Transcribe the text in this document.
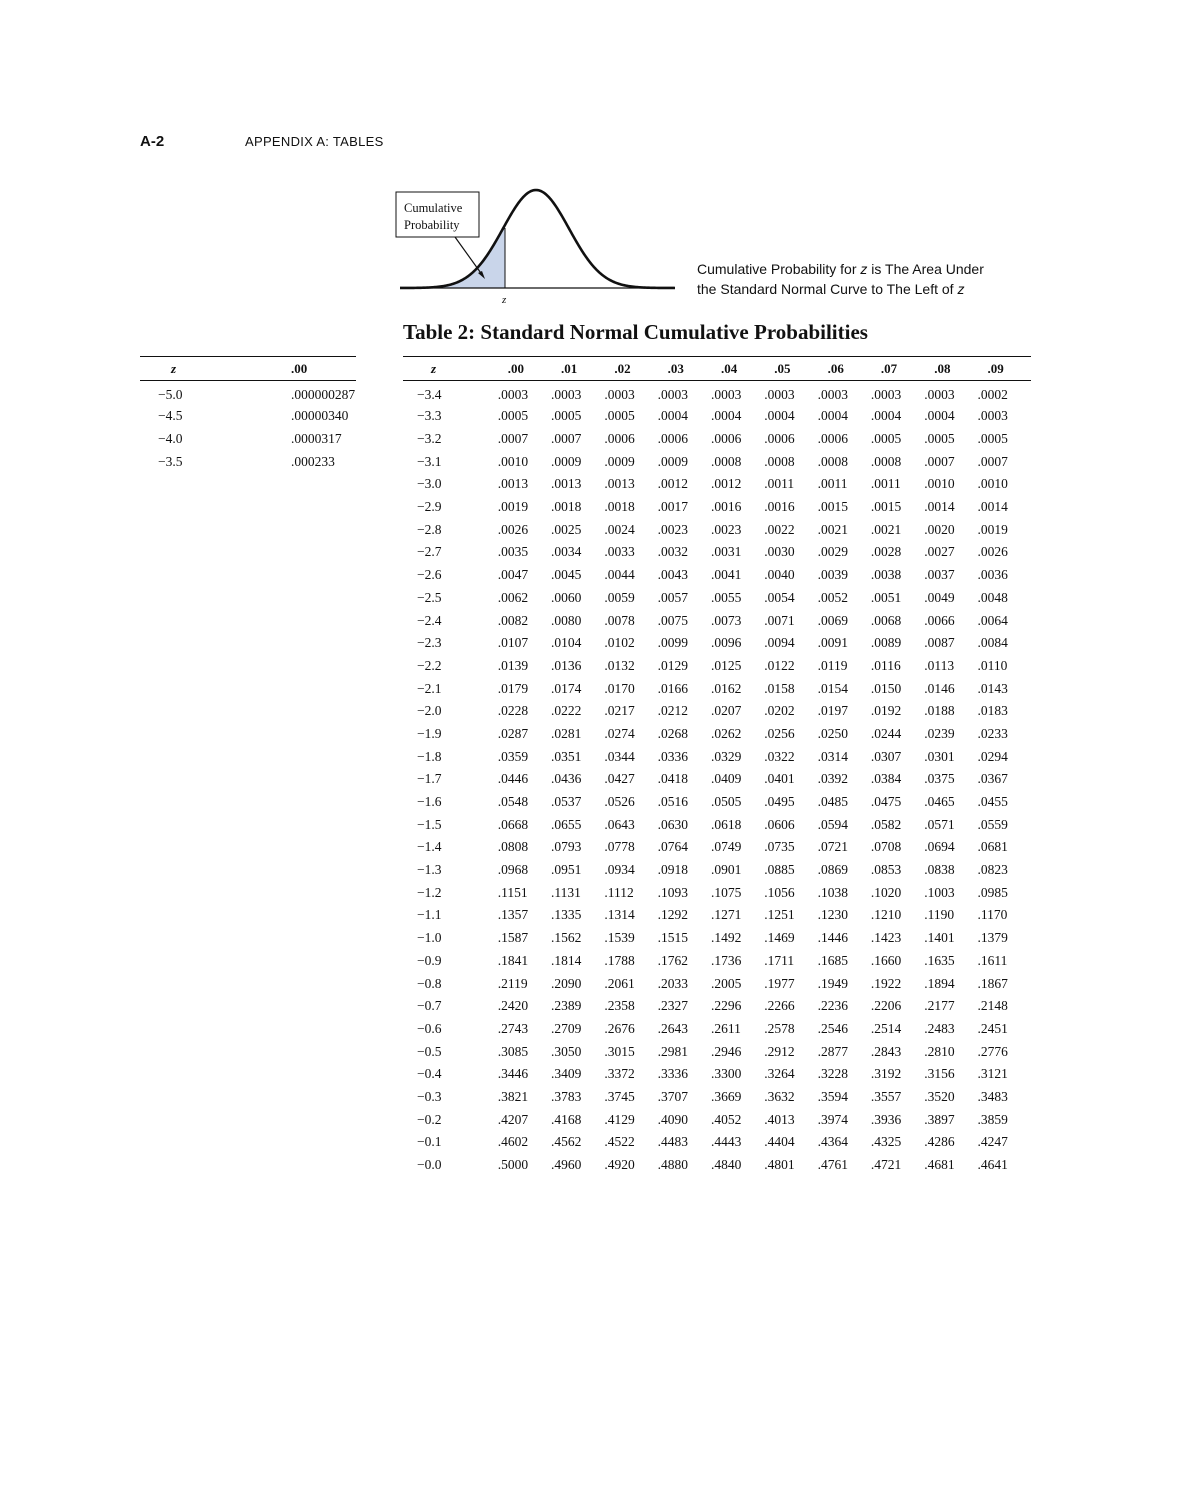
A-2	APPENDIX A: TABLES
Cumulative
Probability
z
Cumulative Probability for z is The Area Under
the Standard Normal Curve to The Left of z
Table 2: Standard Normal Cumulative Probabilities
z	.00
−5.0	.000000287
−4.5	.00000340
−4.0	.0000317
−3.5	.000233
z	.00	.01	.02	.03	.04	.05	.06	.07	.08	.09
−3.4	.0003	.0003	.0003	.0003	.0003	.0003	.0003	.0003	.0003	.0002
−3.3	.0005	.0005	.0005	.0004	.0004	.0004	.0004	.0004	.0004	.0003
−3.2	.0007	.0007	.0006	.0006	.0006	.0006	.0006	.0005	.0005	.0005
−3.1	.0010	.0009	.0009	.0009	.0008	.0008	.0008	.0008	.0007	.0007
−3.0	.0013	.0013	.0013	.0012	.0012	.0011	.0011	.0011	.0010	.0010
−2.9	.0019	.0018	.0018	.0017	.0016	.0016	.0015	.0015	.0014	.0014
−2.8	.0026	.0025	.0024	.0023	.0023	.0022	.0021	.0021	.0020	.0019
−2.7	.0035	.0034	.0033	.0032	.0031	.0030	.0029	.0028	.0027	.0026
−2.6	.0047	.0045	.0044	.0043	.0041	.0040	.0039	.0038	.0037	.0036
−2.5	.0062	.0060	.0059	.0057	.0055	.0054	.0052	.0051	.0049	.0048
−2.4	.0082	.0080	.0078	.0075	.0073	.0071	.0069	.0068	.0066	.0064
−2.3	.0107	.0104	.0102	.0099	.0096	.0094	.0091	.0089	.0087	.0084
−2.2	.0139	.0136	.0132	.0129	.0125	.0122	.0119	.0116	.0113	.0110
−2.1	.0179	.0174	.0170	.0166	.0162	.0158	.0154	.0150	.0146	.0143
−2.0	.0228	.0222	.0217	.0212	.0207	.0202	.0197	.0192	.0188	.0183
−1.9	.0287	.0281	.0274	.0268	.0262	.0256	.0250	.0244	.0239	.0233
−1.8	.0359	.0351	.0344	.0336	.0329	.0322	.0314	.0307	.0301	.0294
−1.7	.0446	.0436	.0427	.0418	.0409	.0401	.0392	.0384	.0375	.0367
−1.6	.0548	.0537	.0526	.0516	.0505	.0495	.0485	.0475	.0465	.0455
−1.5	.0668	.0655	.0643	.0630	.0618	.0606	.0594	.0582	.0571	.0559
−1.4	.0808	.0793	.0778	.0764	.0749	.0735	.0721	.0708	.0694	.0681
−1.3	.0968	.0951	.0934	.0918	.0901	.0885	.0869	.0853	.0838	.0823
−1.2	.1151	.1131	.1112	.1093	.1075	.1056	.1038	.1020	.1003	.0985
−1.1	.1357	.1335	.1314	.1292	.1271	.1251	.1230	.1210	.1190	.1170
−1.0	.1587	.1562	.1539	.1515	.1492	.1469	.1446	.1423	.1401	.1379
−0.9	.1841	.1814	.1788	.1762	.1736	.1711	.1685	.1660	.1635	.1611
−0.8	.2119	.2090	.2061	.2033	.2005	.1977	.1949	.1922	.1894	.1867
−0.7	.2420	.2389	.2358	.2327	.2296	.2266	.2236	.2206	.2177	.2148
−0.6	.2743	.2709	.2676	.2643	.2611	.2578	.2546	.2514	.2483	.2451
−0.5	.3085	.3050	.3015	.2981	.2946	.2912	.2877	.2843	.2810	.2776
−0.4	.3446	.3409	.3372	.3336	.3300	.3264	.3228	.3192	.3156	.3121
−0.3	.3821	.3783	.3745	.3707	.3669	.3632	.3594	.3557	.3520	.3483
−0.2	.4207	.4168	.4129	.4090	.4052	.4013	.3974	.3936	.3897	.3859
−0.1	.4602	.4562	.4522	.4483	.4443	.4404	.4364	.4325	.4286	.4247
−0.0	.5000	.4960	.4920	.4880	.4840	.4801	.4761	.4721	.4681	.4641
